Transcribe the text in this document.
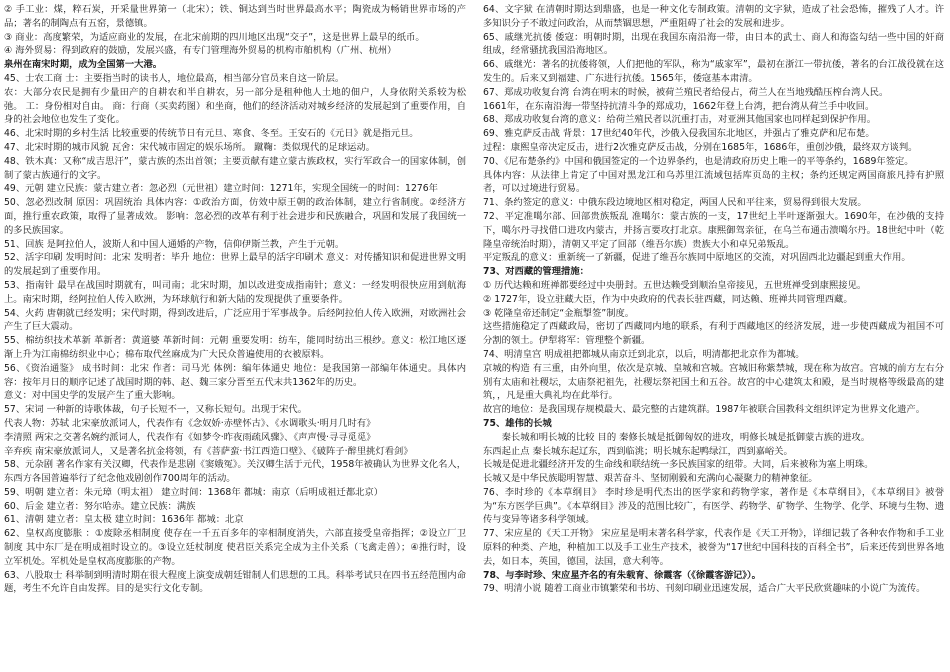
② 手工业：煤，粹石炭，开采量世界第一（北宋）；铁、铜达到当时世界最高水平；陶瓷成为畅销世界市场的产品；著名的制陶点有五窑，景德镇。

③ 商业：高度繁荣，为适应商业的发展，在北宋前期的四川地区出现“交子”，这是世界上最早的纸币。

④ 海外贸易：得到政府的鼓励，发展兴盛，有专门管理海外贸易的机构市舶机构（广州、杭州）

泉州在南宋时期，成为全国第一大港。

45、士农工商 士：主要指当时的读书人，地位最高，相当部分官员来自这一阶层。

农：大部分农民是拥有少量田产的自耕农和半自耕农，另一部分是租种他人土地的佃户，人身依附关系较为松弛。 工：身份相对自由。 商：行商（买卖药图）和坐商，他们的经济活动对城乡经济的发展起到了重要作用，自身的社会地位也发生了变化。

46、北宋时期的乡村生活 比较重要的传统节日有元旦、寒食、冬至。王安石的《元日》就是指元旦。

47、北宋时期的城市风貌 瓦舍：宋代城市固定的娱乐场所。 蹴鞠：类似现代的足球运动。

48、铁木真：又称“成吉思汗”，蒙古族的杰出首领；主要贡献有建立蒙古族政权，实行军政合一的国家体制，创制了蒙古族通行的文字。

49、元朝 建立民族：蒙古建立者：忽必烈（元世祖）建立时间：1271年，实现全国统一的时间：1276年

50、忽必烈改制 原因：巩固统治 具体内容：①政治方面，仿效中原王朝的政治体制，建立行省制度。②经济方面，推行重农政策，取得了显著成效。 影响：忽必烈的改革有利于社会进步和民族融合，巩固和发展了我国统一的多民族国家。

51、回族 是阿拉伯人，波斯人和中国人通婚的产物，信仰伊斯兰教，产生于元朝。

52、活字印刷 发明时间：北宋 发明者：毕升 地位：世界上最早的活字印刷术 意义：对传播知识和促进世界文明的发展起到了重要作用。

53、指南针 最早在战国时期就有，叫司南；北宋时期，加以改进变成指南针；意义：一经发明很快应用到航海上。南宋时期，经阿拉伯人传入欧洲，为环球航行和新大陆的发现提供了重要条件。

54、火药 唐朝就已经发明；宋代时期，得到改进后，广泛应用于军事战争。后经阿拉伯人传入欧洲，对欧洲社会产生了巨大震动。

55、棉纺织技术革新 革新者：黄道婆 革新时间：元朝 重要发明：纺车，能同时纺出三根纱。意义：松江地区逐渐上升为江南棉纺织业中心；棉布取代丝麻成为广大民众普遍使用的衣被原料。

56、《资治通鉴》 成书时间：北宋 作者：司马光 体例：编年体通史 地位：是我国第一部编年体通史。具体内容：按年月日的顺序记述了战国时期的韩、赵、魏三家分晋至五代末共1362年的历史。

意义：对中国史学的发展产生了重大影响。

57、宋词 一种新的诗歌体裁，句子长短不一，又称长短句。出现于宋代。

代表人物：苏轼 北宋豪放派词人，代表作有《念奴娇·赤壁怀古》、《水调歌头·明月几时有》

李清照 两宋之交著名婉约派词人，代表作有《如梦令·昨夜雨疏风骤》、《声声慢·寻寻觅觅》

辛弃疾 南宋豪放派词人，又是著名抗金将领，有《菩萨蛮·书江西造口壁》、《破阵子·醉里挑灯看剑》

58、元杂剧 著名作家有关汉卿，代表作是悲剧《窦娥冤》。关汉卿生活于元代，1958年被确认为世界文化名人，东西方各国普遍举行了纪念他戏剧创作700周年的活动。

59、明朝 建立者：朱元璋（明太祖） 建立时间：1368年 都城：南京（后明成祖迁都北京）

60、后金 建立者：努尔哈赤。建立民族：满族

61、清朝 建立者：皇太极 建立时间：1636年 都城：北京

62、皇权高度膨胀 ：①废除丞相制度 使存在一千五百多年的宰相制度消失，六部直接受皇帝指挥；②设立厂卫制度 其中东厂是在明成祖时设立的。③设立廷杖制度 使君臣关系完全成为主仆关系（飞禽走兽）；④推行时，设立军机处。军机处是皇权高度膨胀的产物。

63、八股取士 科举制到明清时期在很大程度上演变成朝廷钳制人们思想的工具。科举考试只在四书五经范围内命题，考生不允许自由发挥。目的是实行文化专制。

64、文字狱 在清朝时期达到鼎盛，也是一种文化专制政策。清朝的文字狱，造成了社会恐怖，摧残了人才。许多知识分子不敢过问政治，从而禁锢思想，严重阻碍了社会的发展和进步。

65、戚继光抗倭 倭寇：明朝时期，出现在我国东南沿海一带，由日本的武士、商人和海盗勾结一些中国的奸商组成，经常骚扰我国沿海地区。

66、戚继光：著名的抗倭将领，人们把他的军队，称为“戚家军”，最初在浙江一带抗倭，著名的台江战役就在这发生的。后来又到福建、广东进行抗倭。1565年，倭寇基本肃清。

67、郑成功收复台湾 台湾在明末的时候，被荷兰殖民者给侵占，荷兰人在当地残酷压榨台湾人民。

1661年，在东南沿海一带坚持抗清斗争的郑成功，1662年登上台湾，把台湾从荷兰手中收回。

68、郑成功收复台湾的意义：给荷兰殖民者以沉重打击，对亚洲其他国家也同样起到保护作用。

69、雅克萨反击战 背景：17世纪40年代，沙俄入侵我国东北地区，并强占了雅克萨和尼布楚。

过程：康熙皇帝决定反击，进行2次雅克萨反击战，分别在1685年，1686年，重创沙俄，最终双方谈判。

70、《尼布楚条约》中国和俄国签定的一个边界条约，也是清政府历史上唯一的平等条约，1689年签定。

具体内容：从法律上肯定了中国对黑龙江和乌苏里江流域包括库页岛的主权；条约还规定两国商旅凡持有护照者，可以过境进行贸易。

71、条约签定的意义：中俄东段边境地区相对稳定，两国人民和平往来，贸易得到很大发展。

72、平定准噶尔部、回部贵族叛乱 准噶尔：蒙古族的一支，17世纪上半叶逐渐强大。1690年，在沙俄的支持下，噶尔丹寻找借口进攻内蒙古，并扬言要攻打北京。康熙御驾亲征，在乌兰布通击溃噶尔丹。18世纪中叶（乾隆皇帝统治时期），清朝又平定了回部（维吾尔族）贵族大小和卓兄弟叛乱。

平定叛乱的意义：重新统一了新疆，促进了维吾尔族同中原地区的交流，对巩固西北边疆起到重大作用。

73、对西藏的管理措施：

① 历代达赖和班禅都要经过中央册封。五世达赖受到顺治皇帝接见，五世班禅受到康熙接见。

② 1727年，设立驻藏大臣，作为中央政府的代表长驻西藏，同达赖、班禅共同管理西藏。

③ 乾隆皇帝还制定“金瓶掣签”制度。

这些措施稳定了西藏政局，密切了西藏同内地的联系，有利于西藏地区的经济发展，进一步使西藏成为祖国不可分割的领土。伊犁将军：管理整个新疆。

74、明清皇宫 明成祖把都城从南京迁到北京，以后，明清都把北京作为都城。

京城的构造 有三重，由外向里，依次是京城、皇城和宫城。宫城旧称紫禁城，现在称为故宫。宫城的前方左右分别有太庙和社稷坛，太庙祭祀祖先，社稷坛祭祀国土和五谷。故宫的中心建筑太和殿，是当时规格等级最高的建筑，，凡是重大典礼均在此举行。

故宫的地位：是我国现存规模最大、最完整的古建筑群。1987年被联合国教科文组织评定为世界文化遗产。

75、雄伟的长城

秦长城和明长城的比较 目的 秦修长城是抵御匈奴的进攻，明修长城是抵御蒙古族的进攻。

东西起止点 秦长城东起辽东，西到临洮；明长城东起鸭绿江，西到嘉峪关。

长城是促进北疆经济开发的生命线和联结统一多民族国家的纽带。大同，后来被称为塞上明珠。

长城又是中华民族聪明智慧、艰苦奋斗、坚韧刚毅和充满向心凝聚力的精神象征。

76、李时珍的《本草纲目》 李时珍是明代杰出的医学家和药物学家，著作是《本草纲目》，《本草纲目》被誉为“东方医学巨典”。《本草纲目》涉及的范围比较广，有医学、药物学、矿物学、生物学、化学、环境与生物、遗传与变异等诸多科学领域。

77、宋应星的《天工开物》 宋应星是明末著名科学家，代表作是《天工开物》，详细记载了各种农作物和手工业原料的种类、产地，种植加工以及手工业生产技术，被誉为“17世纪中国科技的百科全书”，后来还传到世界各地去，如日本，英国，德国，法国，意大利等。

78、与李时珍、宋应星齐名的有朱载育、徐霞客（《徐霞客游记》）。

79、明清小说 随着工商业市镇繁荣和书坊、刊刻印刷业迅速发展，适合广大平民欣赏趣味的小说广为流传。
